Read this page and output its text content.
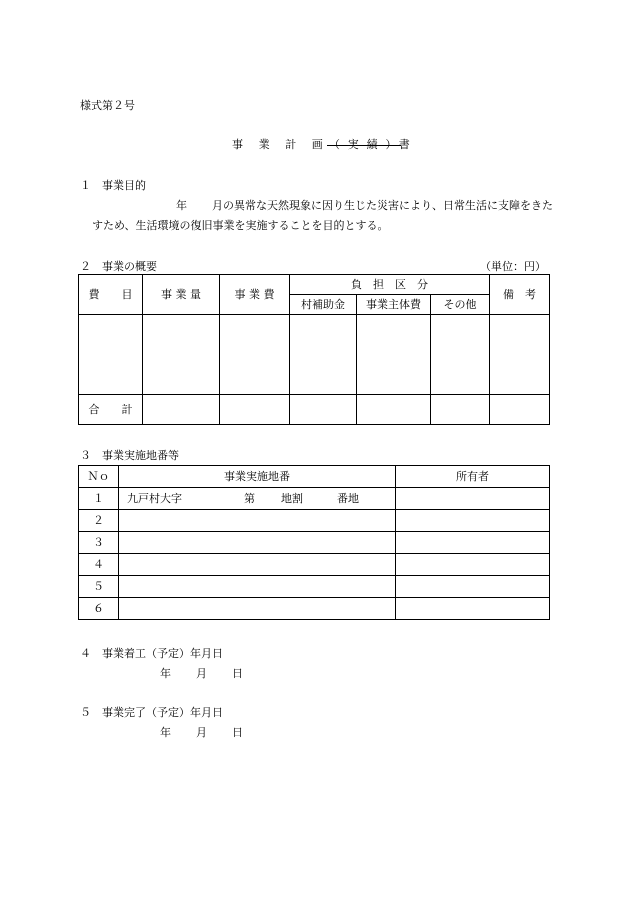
様式第２号
事 業 計 画（ 実 績 ）書
１　事業目的
年 月の異常な天然現象に因り生じた災害により、日常生活に支障をきた
すため、生活環境の復旧事業を実施することを目的とする。
２　事業の概要	（単位：円）
費　　目	事 業 量	事 業 費	負　担　区　分			備　考
			村補助金	事業主体費	その他	

合　　計						
３　事業実施地番等
Ｎｏ	事業実施地番	所有者
１	九戸村大字 第 地割 番地	

２		
３		
４		
５		
６		
４　事業着工（予定）年月日
年 月 日
５　事業完了（予定）年月日
年 月 日
